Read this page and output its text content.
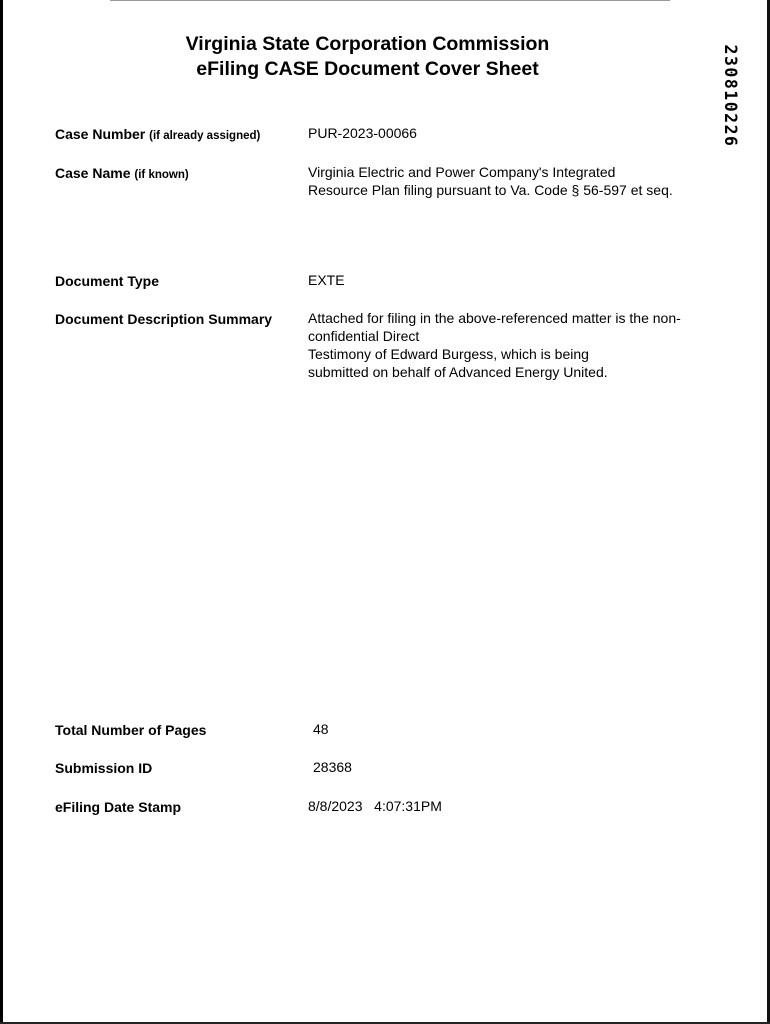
Virginia State Corporation Commission
eFiling CASE Document Cover Sheet	230810226
Case Number (if already assigned)	PUR-2023-00066
Case Name (if known)	Virginia Electric and Power Company's Integrated Resource Plan filing pursuant to Va. Code § 56-597 et seq.
Document Type	EXTE
Document Description Summary	Attached for filing in the above-referenced matter is the non-confidential Direct
Testimony of Edward Burgess, which is being submitted on behalf of Advanced Energy United.
Total Number of Pages	48
Submission ID	28368
eFiling Date Stamp	8/8/2023 4:07:31PM
